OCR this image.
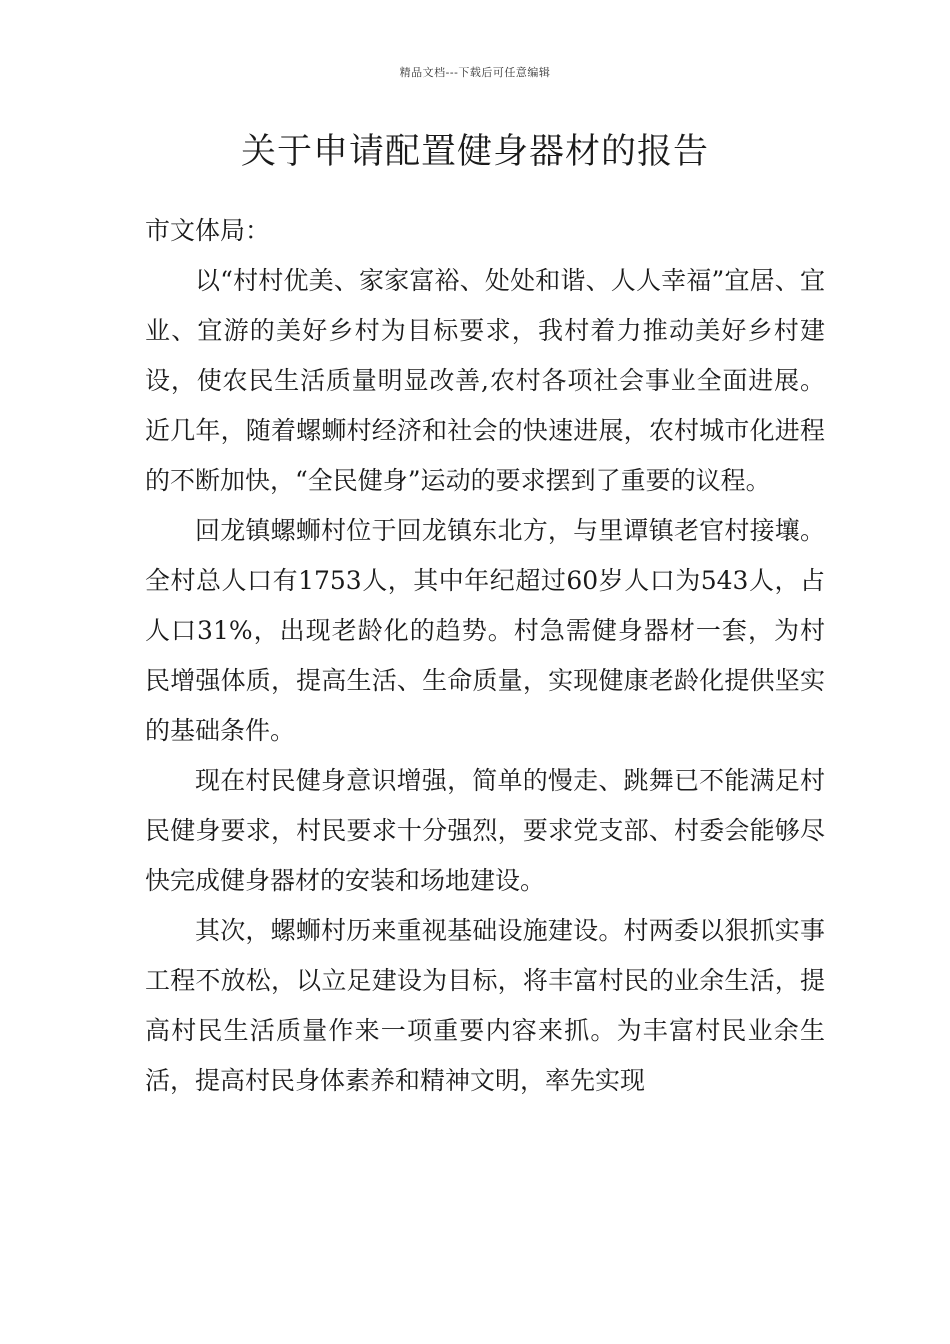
精品文档---下载后可任意编辑
关于申请配置健身器材的报告

市文体局：

以“村村优美、家家富裕、处处和谐、人人幸福”宜居、宜业、宜游的美好乡村为目标要求，我村着力推动美好乡村建设，使农民生活质量明显改善,农村各项社会事业全面进展。近几年，随着螺蛳村经济和社会的快速进展，农村城市化进程的不断加快，“全民健身”运动的要求摆到了重要的议程。

回龙镇螺蛳村位于回龙镇东北方，与里谭镇老官村接壤。全村总人口有1753人，其中年纪超过60岁人口为543人，占人口31%，出现老龄化的趋势。村急需健身器材一套，为村民增强体质，提高生活、生命质量，实现健康老龄化提供坚实的基础条件。

现在村民健身意识增强，简单的慢走、跳舞已不能满足村民健身要求，村民要求十分强烈，要求党支部、村委会能够尽快完成健身器材的安装和场地建设。

其次，螺蛳村历来重视基础设施建设。村两委以狠抓实事工程不放松，以立足建设为目标，将丰富村民的业余生活，提高村民生活质量作来一项重要内容来抓。为丰富村民业余生活，提高村民身体素养和精神文明，率先实现
